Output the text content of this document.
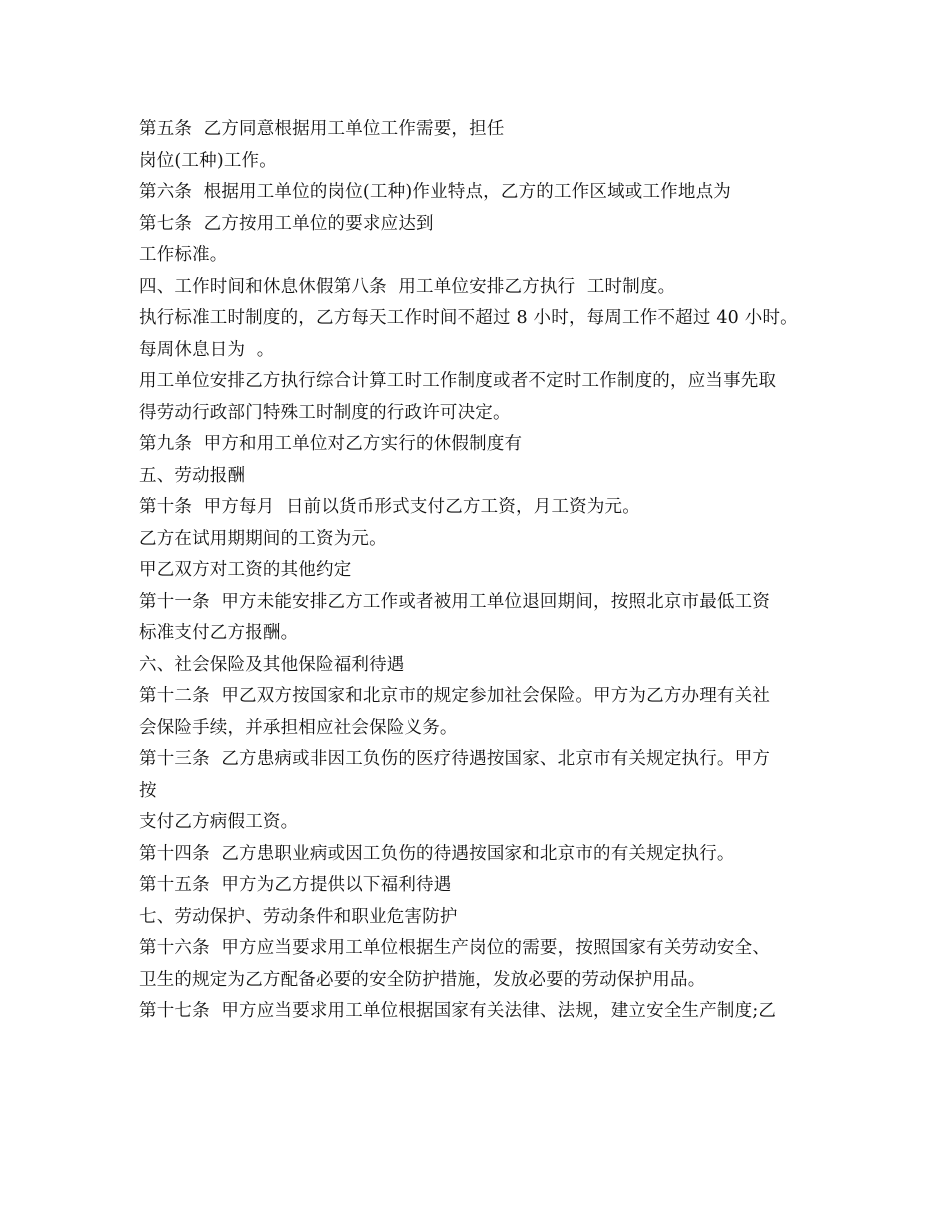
第五条  乙方同意根据用工单位工作需要，担任
岗位(工种)工作。
第六条  根据用工单位的岗位(工种)作业特点，乙方的工作区域或工作地点为
第七条  乙方按用工单位的要求应达到
工作标准。
四、工作时间和休息休假第八条  用工单位安排乙方执行  工时制度。
执行标准工时制度的，乙方每天工作时间不超过 8 小时，每周工作不超过 40 小时。
每周休息日为  。
用工单位安排乙方执行综合计算工时工作制度或者不定时工作制度的，应当事先取
得劳动行政部门特殊工时制度的行政许可决定。
第九条  甲方和用工单位对乙方实行的休假制度有
五、劳动报酬
第十条  甲方每月  日前以货币形式支付乙方工资，月工资为元。
乙方在试用期期间的工资为元。
甲乙双方对工资的其他约定
第十一条  甲方未能安排乙方工作或者被用工单位退回期间，按照北京市最低工资
标准支付乙方报酬。
六、社会保险及其他保险福利待遇
第十二条  甲乙双方按国家和北京市的规定参加社会保险。甲方为乙方办理有关社
会保险手续，并承担相应社会保险义务。
第十三条  乙方患病或非因工负伤的医疗待遇按国家、北京市有关规定执行。甲方
按
支付乙方病假工资。
第十四条  乙方患职业病或因工负伤的待遇按国家和北京市的有关规定执行。
第十五条  甲方为乙方提供以下福利待遇
七、劳动保护、劳动条件和职业危害防护
第十六条  甲方应当要求用工单位根据生产岗位的需要，按照国家有关劳动安全、
卫生的规定为乙方配备必要的安全防护措施，发放必要的劳动保护用品。
第十七条  甲方应当要求用工单位根据国家有关法律、法规，建立安全生产制度;乙
